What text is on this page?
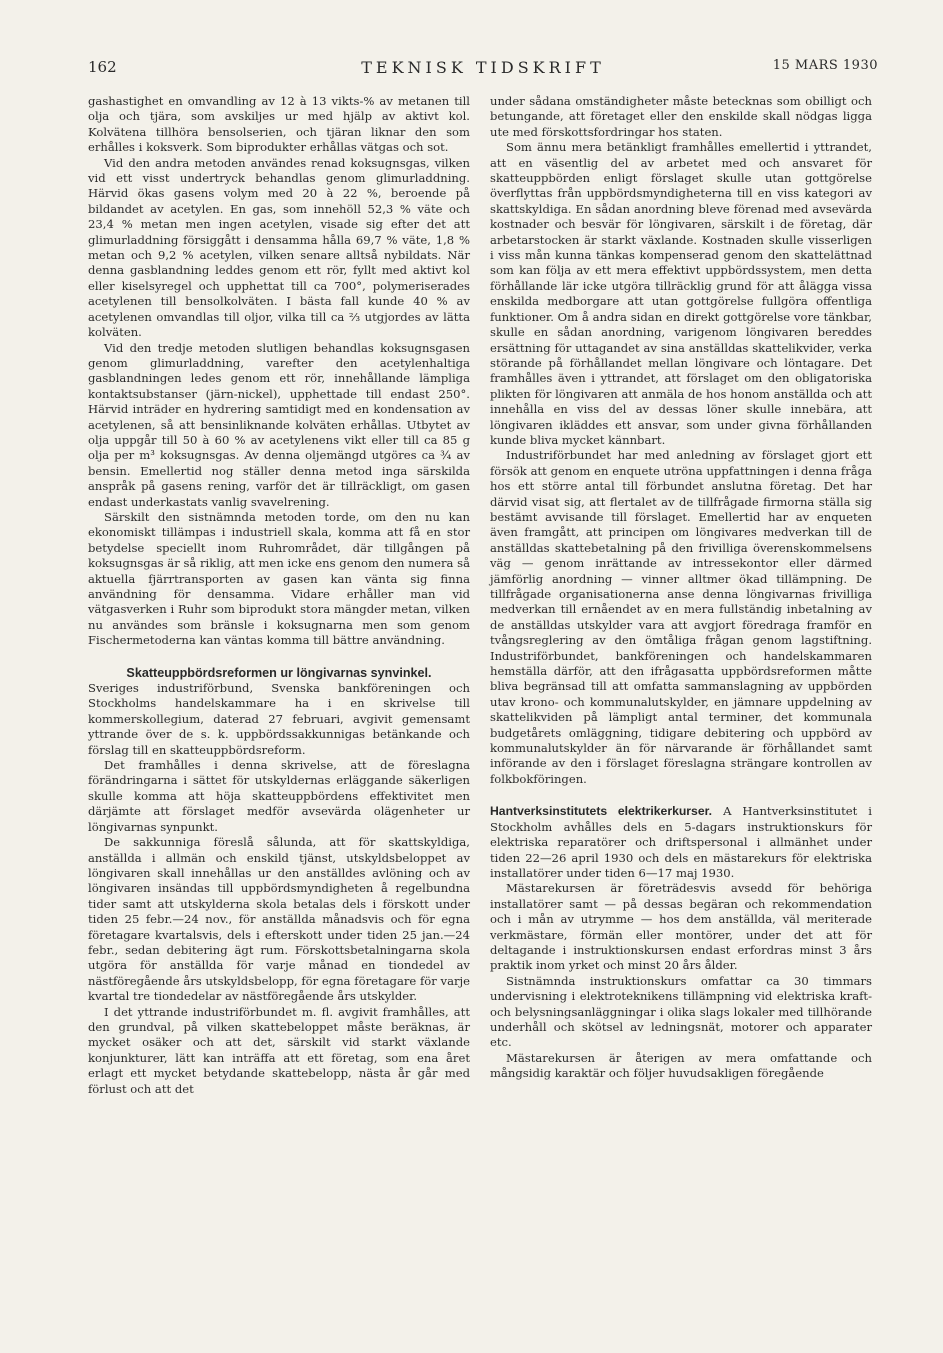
162	TEKNISK TIDSKRIFT	15 MARS 1930

gashastighet en omvandling av 12 à 13 vikts-% av metanen till olja och tjära, som avskiljes ur med hjälp av aktivt kol. Kolvätena tillhöra bensolserien, och tjäran liknar den som erhålles i koksverk. Som biprodukter erhållas vätgas och sot.

Vid den andra metoden användes renad koksugnsgas, vilken vid ett visst undertryck behandlas genom glimurladdning. Härvid ökas gasens volym med 20 à 22 %, beroende på bildandet av acetylen. En gas, som innehöll 52,3 % väte och 23,4 % metan men ingen acetylen, visade sig efter det att glimurladdning försiggått i densamma hålla 69,7 % väte, 1,8 % metan och 9,2 % acetylen, vilken senare alltså nybildats. När denna gasblandning leddes genom ett rör, fyllt med aktivt kol eller kiselsyregel och upphettat till ca 700°, polymeriserades acetylenen till bensolkolväten. I bästa fall kunde 40 % av acetylenen omvandlas till oljor, vilka till ca ⅔ utgjordes av lätta kolväten.

Vid den tredje metoden slutligen behandlas koksugnsgasen genom glimurladdning, varefter den acetylenhaltiga gasblandningen ledes genom ett rör, innehållande lämpliga kontaktsubstanser (järn-nickel), upphettade till endast 250°. Härvid inträder en hydrering samtidigt med en kondensation av acetylenen, så att bensinliknande kolväten erhållas. Utbytet av olja uppgår till 50 à 60 % av acetylenens vikt eller till ca 85 g olja per m³ koksugnsgas. Av denna oljemängd utgöres ca ¾ av bensin. Emellertid nog ställer denna metod inga särskilda anspråk på gasens rening, varför det är tillräckligt, om gasen endast underkastats vanlig svavelrening.

Särskilt den sistnämnda metoden torde, om den nu kan ekonomiskt tillämpas i industriell skala, komma att få en stor betydelse speciellt inom Ruhrområdet, där tillgången på koksugnsgas är så riklig, att men icke ens genom den numera så aktuella fjärrtransporten av gasen kan vänta sig finna användning för densamma. Vidare erhåller man vid vätgasverken i Ruhr som biprodukt stora mängder metan, vilken nu användes som bränsle i koksugnarna men som genom Fischermetoderna kan väntas komma till bättre användning.

Skatteuppbördsreformen ur löngivarnas synvinkel.

Sveriges industriförbund, Svenska bankföreningen och Stockholms handelskammare ha i en skrivelse till kommerskollegium, daterad 27 februari, avgivit gemensamt yttrande över de s. k. uppbördssakkunnigas betänkande och förslag till en skatteuppbördsreform.

Det framhålles i denna skrivelse, att de föreslagna förändringarna i sättet för utskyldernas erläggande säkerligen skulle komma att höja skatteuppbördens effektivitet men därjämte att förslaget medför avsevärda olägenheter ur löngivarnas synpunkt.

De sakkunniga föreslå sålunda, att för skattskyldiga, anställda i allmän och enskild tjänst, utskyldsbeloppet av löngivaren skall innehållas ur den anställdes avlöning och av löngivaren insändas till uppbördsmyndigheten å regelbundna tider samt att utskylderna skola betalas dels i förskott under tiden 25 febr.—24 nov., för anställda månadsvis och för egna företagare kvartalsvis, dels i efterskott under tiden 25 jan.—24 febr., sedan debitering ägt rum. Förskottsbetalningarna skola utgöra för anställda för varje månad en tiondedel av nästföregående års utskyldsbelopp, för egna företagare för varje kvartal tre tiondedelar av nästföregående års utskylder.

I det yttrande industriförbundet m. fl. avgivit framhålles, att den grundval, på vilken skattebeloppet måste beräknas, är mycket osäker och att det, särskilt vid starkt växlande konjunkturer, lätt kan inträffa att ett företag, som ena året erlagt ett mycket betydande skattebelopp, nästa år går med förlust och att det

under sådana omständigheter måste betecknas som obilligt och betungande, att företaget eller den enskilde skall nödgas ligga ute med förskottsfordringar hos staten.

Som ännu mera betänkligt framhålles emellertid i yttrandet, att en väsentlig del av arbetet med och ansvaret för skatteuppbörden enligt förslaget skulle utan gottgörelse överflyttas från uppbördsmyndigheterna till en viss kategori av skattskyldiga. En sådan anordning bleve förenad med avsevärda kostnader och besvär för löngivaren, särskilt i de företag, där arbetarstocken är starkt växlande. Kostnaden skulle visserligen i viss mån kunna tänkas kompenserad genom den skattelättnad som kan följa av ett mera effektivt uppbördssystem, men detta förhållande lär icke utgöra tillräcklig grund för att ålägga vissa enskilda medborgare att utan gottgörelse fullgöra offentliga funktioner. Om å andra sidan en direkt gottgörelse vore tänkbar, skulle en sådan anordning, varigenom löngivaren bereddes ersättning för uttagandet av sina anställdas skattelikvider, verka störande på förhållandet mellan löngivare och löntagare. Det framhålles även i yttrandet, att förslaget om den obligatoriska plikten för löngivaren att anmäla de hos honom anställda och att innehålla en viss del av dessas löner skulle innebära, att löngivaren ikläddes ett ansvar, som under givna förhållanden kunde bliva mycket kännbart.

Industriförbundet har med anledning av förslaget gjort ett försök att genom en enquete utröna uppfattningen i denna fråga hos ett större antal till förbundet anslutna företag. Det har därvid visat sig, att flertalet av de tillfrågade firmorna ställa sig bestämt avvisande till förslaget. Emellertid har av enqueten även framgått, att principen om löngivares medverkan till de anställdas skattebetalning på den frivilliga överenskommelsens väg — genom inrättande av intressekontor eller därmed jämförlig anordning — vinner alltmer ökad tillämpning. De tillfrågade organisationerna anse denna löngivarnas frivilliga medverkan till ernåendet av en mera fullständig inbetalning av de anställdas utskylder vara att avgjort föredraga framför en tvångsreglering av den ömtåliga frågan genom lagstiftning. Industriförbundet, bankföreningen och handelskammaren hemställa därför, att den ifrågasatta uppbördsreformen måtte bliva begränsad till att omfatta sammanslagning av uppbörden utav krono- och kommunalutskylder, en jämnare uppdelning av skattelikviden på lämpligt antal terminer, det kommunala budgetårets omläggning, tidigare debitering och uppbörd av kommunalutskylder än för närvarande är förhållandet samt införande av den i förslaget föreslagna strängare kontrollen av folkbokföringen.

Hantverksinstitutets elektrikerkurser. A Hantverksinstitutet i Stockholm avhålles dels en 5-dagars instruktionskurs för elektriska reparatörer och driftspersonal i allmänhet under tiden 22—26 april 1930 och dels en mästarekurs för elektriska installatörer under tiden 6—17 maj 1930.

Mästarekursen är företrädesvis avsedd för behöriga installatörer samt — på dessas begäran och rekommendation och i mån av utrymme — hos dem anställda, väl meriterade verkmästare, förmän eller montörer, under det att för deltagande i instruktionskursen endast erfordras minst 3 års praktik inom yrket och minst 20 års ålder.

Sistnämnda instruktionskurs omfattar ca 30 timmars undervisning i elektroteknikens tillämpning vid elektriska kraft- och belysningsanläggningar i olika slags lokaler med tillhörande underhåll och skötsel av ledningsnät, motorer och apparater etc.

Mästarekursen är återigen av mera omfattande och mångsidig karaktär och följer huvudsakligen föregående
